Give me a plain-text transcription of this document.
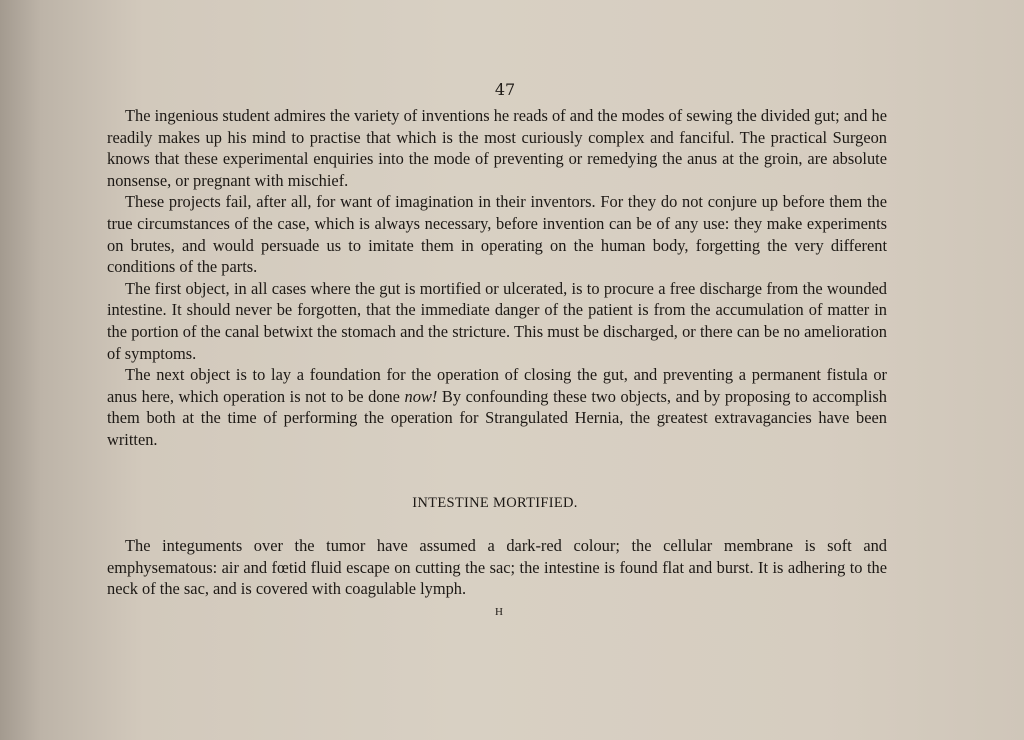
47

The ingenious student admires the variety of inventions he reads of and the modes of sewing the divided gut; and he readily makes up his mind to practise that which is the most curiously complex and fanciful. The practical Surgeon knows that these experimental enquiries into the mode of preventing or remedying the anus at the groin, are absolute nonsense, or pregnant with mischief.

These projects fail, after all, for want of imagination in their inventors. For they do not conjure up before them the true circumstances of the case, which is always necessary, before invention can be of any use: they make experiments on brutes, and would persuade us to imitate them in operating on the human body, forgetting the very different conditions of the parts.

The first object, in all cases where the gut is mortified or ulcerated, is to procure a free discharge from the wounded intestine. It should never be forgotten, that the immediate danger of the patient is from the accumulation of matter in the portion of the canal betwixt the stomach and the stricture. This must be discharged, or there can be no amelioration of symptoms.

The next object is to lay a foundation for the operation of closing the gut, and preventing a permanent fistula or anus here, which operation is not to be done now! By confounding these two objects, and by proposing to accomplish them both at the time of performing the operation for Strangulated Hernia, the greatest extravagancies have been written.

INTESTINE MORTIFIED.

The integuments over the tumor have assumed a dark-red colour; the cellular membrane is soft and emphysematous: air and fœtid fluid escape on cutting the sac; the intestine is found flat and burst. It is adhering to the neck of the sac, and is covered with coagulable lymph.

H
